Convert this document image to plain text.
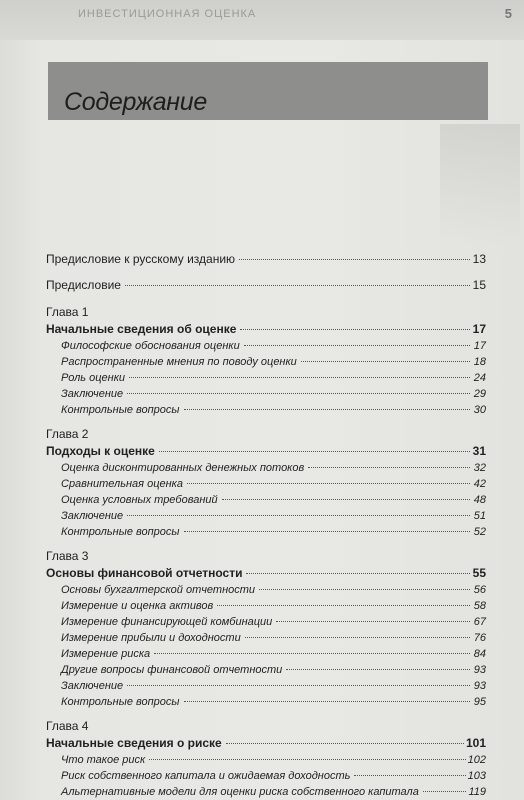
ИНВЕСТИЦИОННАЯ ОЦЕНКА	5
Содержание
Предисловие к русскому изданию	13
Предисловие	15
Глава 1
Начальные сведения об оценке	17
Философские обоснования оценки	17
Распространенные мнения по поводу оценки	18
Роль оценки	24
Заключение	29
Контрольные вопросы	30
Глава 2
Подходы к оценке	31
Оценка дисконтированных денежных потоков	32
Сравнительная оценка	42
Оценка условных требований	48
Заключение	51
Контрольные вопросы	52
Глава 3
Основы финансовой отчетности	55
Основы бухгалтерской отчетности	56
Измерение и оценка активов	58
Измерение финансирующей комбинации	67
Измерение прибыли и доходности	76
Измерение риска	84
Другие вопросы финансовой отчетности	93
Заключение	93
Контрольные вопросы	95
Глава 4
Начальные сведения о риске	101
Что такое риск	102
Риск собственного капитала и ожидаемая доходность	103
Альтернативные модели для оценки риска собственного капитала	119
